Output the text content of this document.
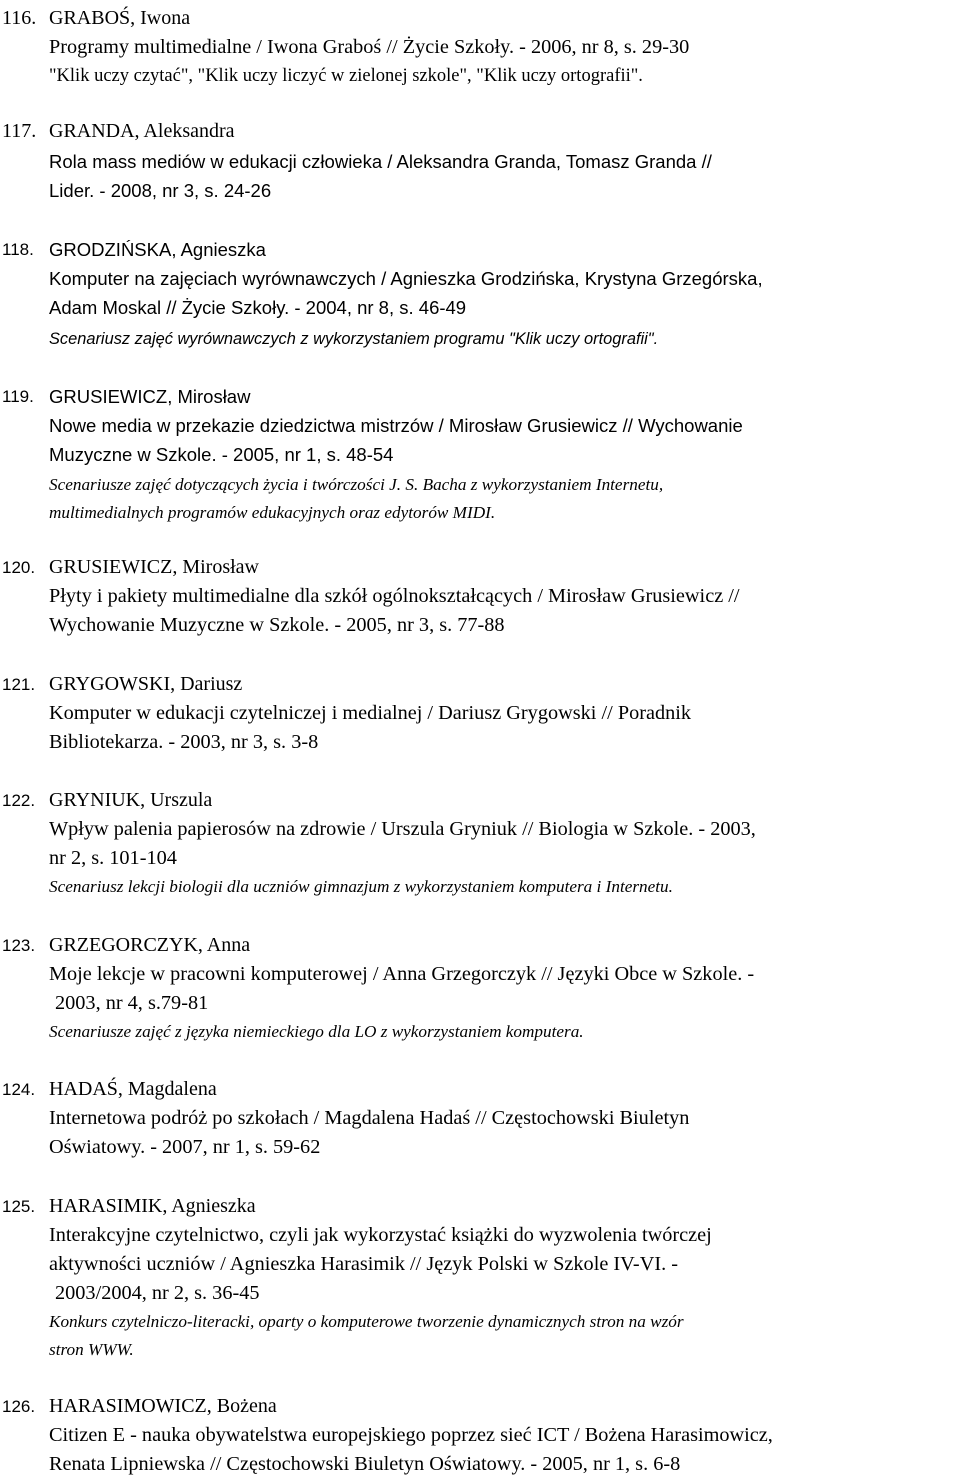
116. GRABOŚ, Iwona
Programy multimedialne / Iwona Graboś // Życie Szkoły. - 2006, nr 8, s. 29-30
"Klik uczy czytać", "Klik uczy liczyć w zielonej szkole", "Klik uczy ortografii".
117. GRANDA, Aleksandra
Rola mass mediów w edukacji człowieka / Aleksandra Granda, Tomasz Granda //
Lider. - 2008, nr 3, s. 24-26
118. GRODZIŃSKA, Agnieszka
Komputer na zajęciach wyrównawczych / Agnieszka Grodzińska, Krystyna Grzegórska,
Adam Moskal // Życie Szkoły. - 2004, nr 8, s. 46-49
Scenariusz zajęć wyrównawczych z wykorzystaniem programu "Klik uczy ortografii".
119. GRUSIEWICZ, Mirosław
Nowe media w przekazie dziedzictwa mistrzów / Mirosław Grusiewicz // Wychowanie
Muzyczne w Szkole. - 2005, nr 1, s. 48-54
Scenariusze zajęć dotyczących życia i twórczości J. S. Bacha z wykorzystaniem Internetu,
multimedialnych programów edukacyjnych oraz edytorów MIDI.
120. GRUSIEWICZ, Mirosław
Płyty i pakiety multimedialne dla szkół ogólnokształcących / Mirosław Grusiewicz //
Wychowanie Muzyczne w Szkole. - 2005, nr 3, s. 77-88
121. GRYGOWSKI, Dariusz
Komputer w edukacji czytelniczej i medialnej / Dariusz Grygowski // Poradnik
Bibliotekarza. - 2003, nr 3, s. 3-8
122. GRYNIUK, Urszula
Wpływ palenia papierosów na zdrowie / Urszula Gryniuk // Biologia w Szkole. - 2003,
nr 2, s. 101-104
Scenariusz lekcji biologii dla uczniów gimnazjum z wykorzystaniem komputera i Internetu.
123. GRZEGORCZYK, Anna
Moje lekcje w pracowni komputerowej / Anna Grzegorczyk // Języki Obce w Szkole. -
2003, nr 4, s.79-81
Scenariusze zajęć z języka niemieckiego dla LO z wykorzystaniem komputera.
124. HADAŚ, Magdalena
Internetowa podróż po szkołach / Magdalena Hadaś // Częstochowski Biuletyn
Oświatowy. - 2007, nr 1, s. 59-62
125. HARASIMIK, Agnieszka
Interakcyjne czytelnictwo, czyli jak wykorzystać książki do wyzwolenia twórczej
aktywności uczniów / Agnieszka Harasimik // Język Polski w Szkole IV-VI. -
2003/2004, nr 2, s. 36-45
Konkurs czytelniczo-literacki, oparty o komputerowe tworzenie dynamicznych stron na wzór
stron WWW.
126. HARASIMOWICZ, Bożena
Citizen E - nauka obywatelstwa europejskiego poprzez sieć ICT / Bożena Harasimowicz,
Renata Lipniewska // Częstochowski Biuletyn Oświatowy. - 2005, nr 1, s. 6-8
